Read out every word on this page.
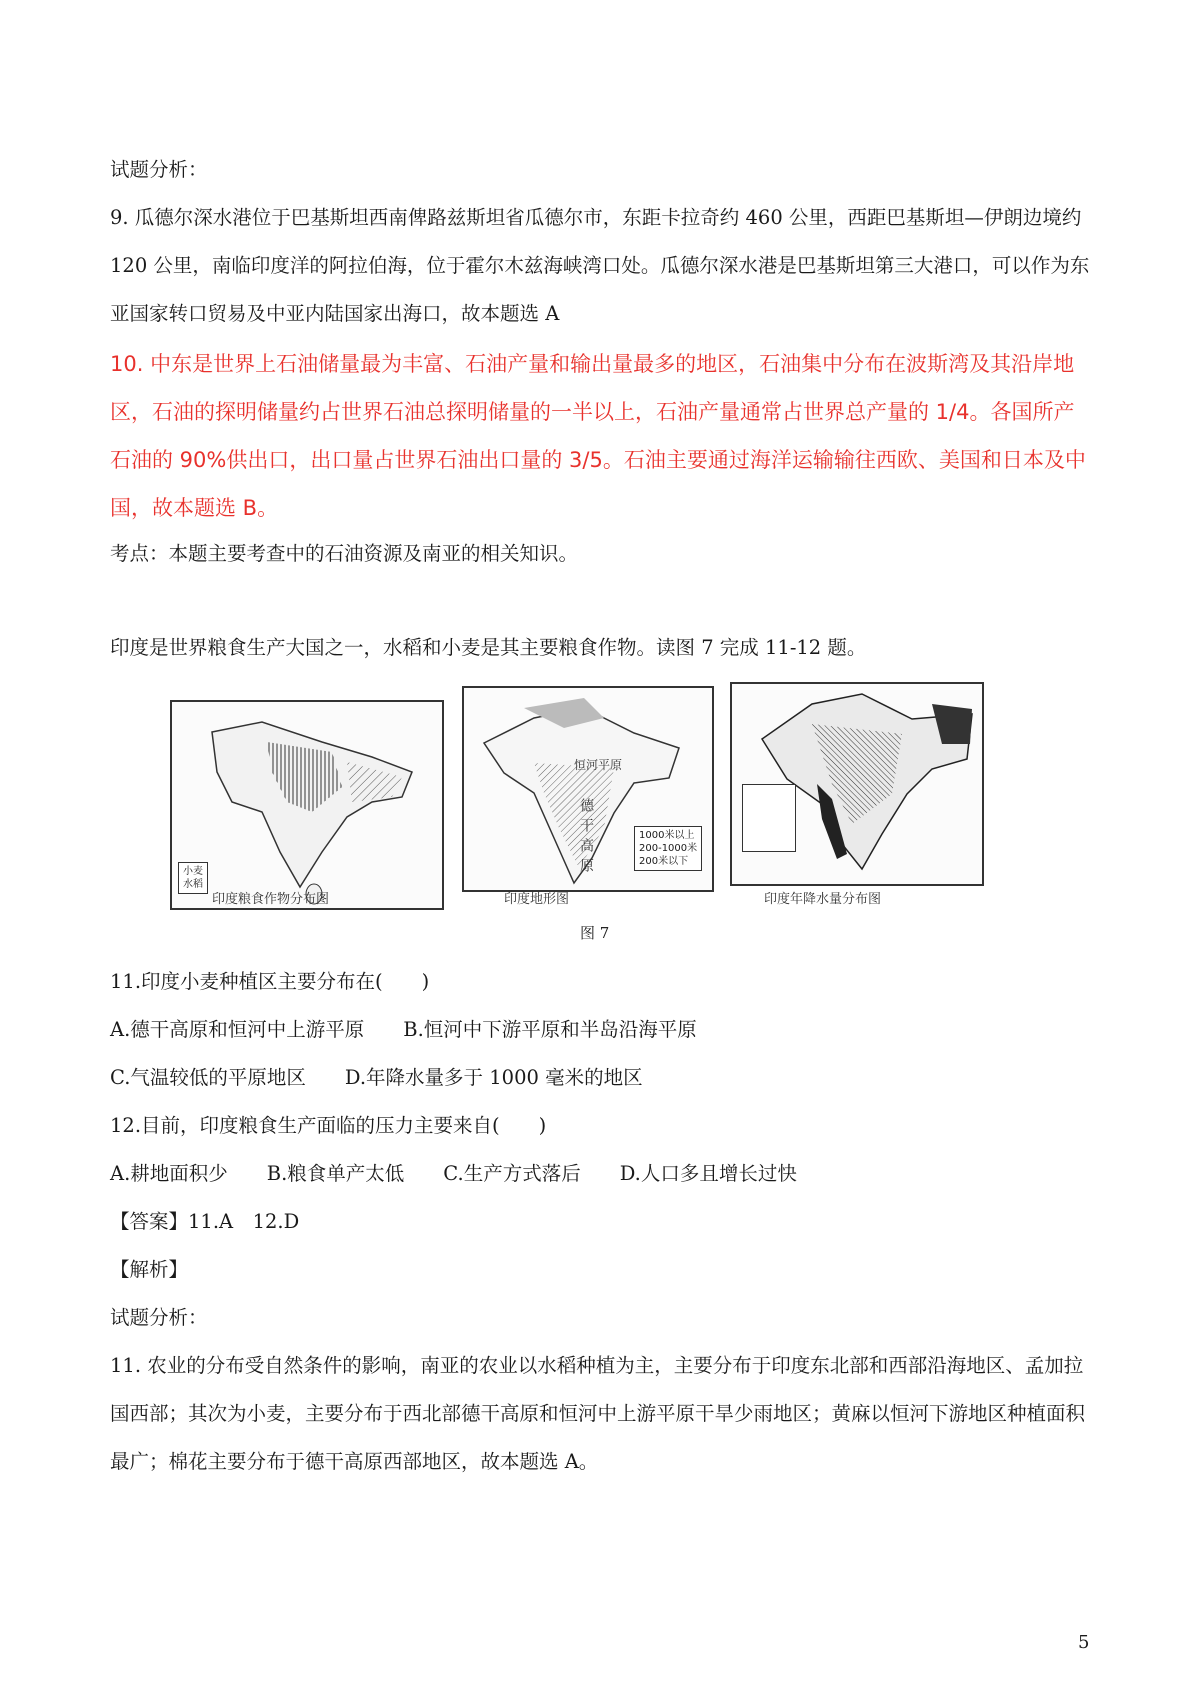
试题分析：

9. 瓜德尔深水港位于巴基斯坦西南俾路兹斯坦省瓜德尔市，东距卡拉奇约 460 公里，西距巴基斯坦—伊朗边境约 120 公里，南临印度洋的阿拉伯海，位于霍尔木兹海峡湾口处。瓜德尔深水港是巴基斯坦第三大港口，可以作为东亚国家转口贸易及中亚内陆国家出海口，故本题选 A

10. 中东是世界上石油储量最为丰富、石油产量和输出量最多的地区，石油集中分布在波斯湾及其沿岸地区，石油的探明储量约占世界石油总探明储量的一半以上，石油产量通常占世界总产量的 1/4。各国所产石油的 90%供出口，出口量占世界石油出口量的 3/5。石油主要通过海洋运输输往西欧、美国和日本及中国，故本题选 B。

考点：本题主要考查中的石油资源及南亚的相关知识。

印度是世界粮食生产大国之一，水稻和小麦是其主要粮食作物。读图 7 完成 11-12 题。

小麦
水稻
恒河平原
德干高原	1000米以上
200-1000米
200米以下
印度粮食作物分布图	印度地形图	印度年降水量分布图
图 7

11.印度小麦种植区主要分布在(　　)

A.德干高原和恒河中上游平原　　B.恒河中下游平原和半岛沿海平原

C.气温较低的平原地区　　D.年降水量多于 1000 毫米的地区

12.目前，印度粮食生产面临的压力主要来自(　　)

A.耕地面积少　　B.粮食单产太低　　C.生产方式落后　　D.人口多且增长过快

【答案】11.A　12.D

【解析】

试题分析：

11. 农业的分布受自然条件的影响，南亚的农业以水稻种植为主，主要分布于印度东北部和西部沿海地区、孟加拉国西部；其次为小麦，主要分布于西北部德干高原和恒河中上游平原干旱少雨地区；黄麻以恒河下游地区种植面积最广；棉花主要分布于德干高原西部地区，故本题选 A。

5
